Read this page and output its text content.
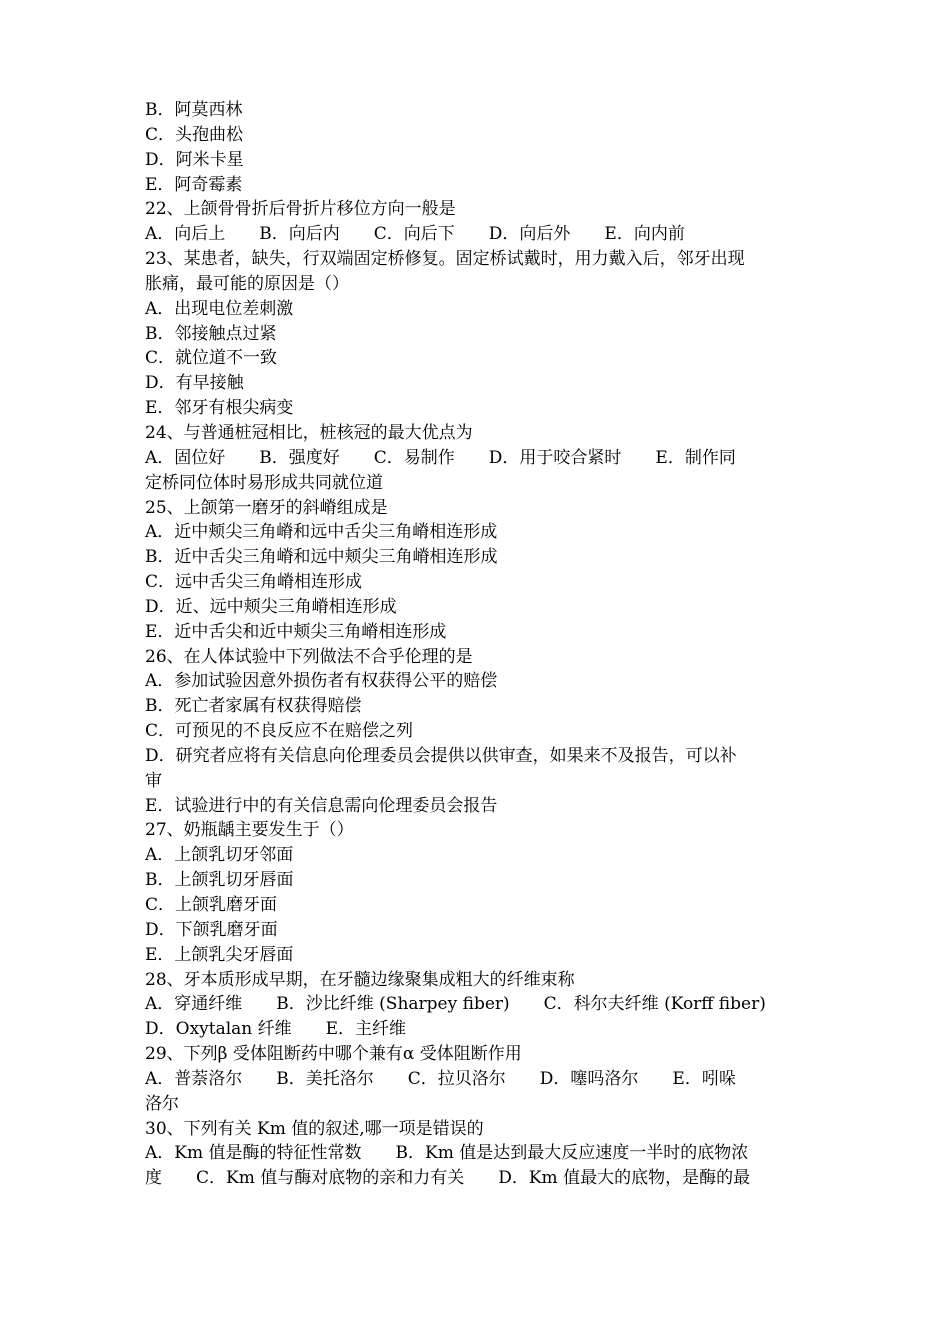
B．阿莫西林
C．头孢曲松
D．阿米卡星
E．阿奇霉素
22、上颌骨骨折后骨折片移位方向一般是
A．向后上　　B．向后内　　C．向后下　　D．向后外　　E．向内前
23、某患者，缺失，行双端固定桥修复。固定桥试戴时，用力戴入后，邻牙出现
胀痛，最可能的原因是（）
A．出现电位差刺激
B．邻接触点过紧
C．就位道不一致
D．有早接触
E．邻牙有根尖病变
24、与普通桩冠相比，桩核冠的最大优点为
A．固位好　　B．强度好　　C．易制作　　D．用于咬合紧时　　E．制作同
定桥同位体时易形成共同就位道
25、上颌第一磨牙的斜嵴组成是
A．近中颊尖三角嵴和远中舌尖三角嵴相连形成
B．近中舌尖三角嵴和远中颊尖三角嵴相连形成
C．远中舌尖三角嵴相连形成
D．近、远中颊尖三角嵴相连形成
E．近中舌尖和近中颊尖三角嵴相连形成
26、在人体试验中下列做法不合乎伦理的是
A．参加试验因意外损伤者有权获得公平的赔偿
B．死亡者家属有权获得赔偿
C．可预见的不良反应不在赔偿之列
D．研究者应将有关信息向伦理委员会提供以供审查，如果来不及报告，可以补
审
E．试验进行中的有关信息需向伦理委员会报告
27、奶瓶龋主要发生于（）
A．上颌乳切牙邻面
B．上颌乳切牙唇面
C．上颌乳磨牙面
D．下颌乳磨牙面
E．上颌乳尖牙唇面
28、牙本质形成早期，在牙髓边缘聚集成粗大的纤维束称
A．穿通纤维　　B．沙比纤维 (Sharpey fiber)　　C．科尔夫纤维 (Korff fiber)
D．Oxytalan 纤维　　E．主纤维
29、下列β 受体阻断药中哪个兼有α 受体阻断作用
A．普萘洛尔　　B．美托洛尔　　C．拉贝洛尔　　D．噻吗洛尔　　E．吲哚
洛尔
30、下列有关 Km 值的叙述,哪一项是错误的
A．Km 值是酶的特征性常数　　B．Km 值是达到最大反应速度一半时的底物浓
度　　C．Km 值与酶对底物的亲和力有关　　D．Km 值最大的底物，是酶的最
